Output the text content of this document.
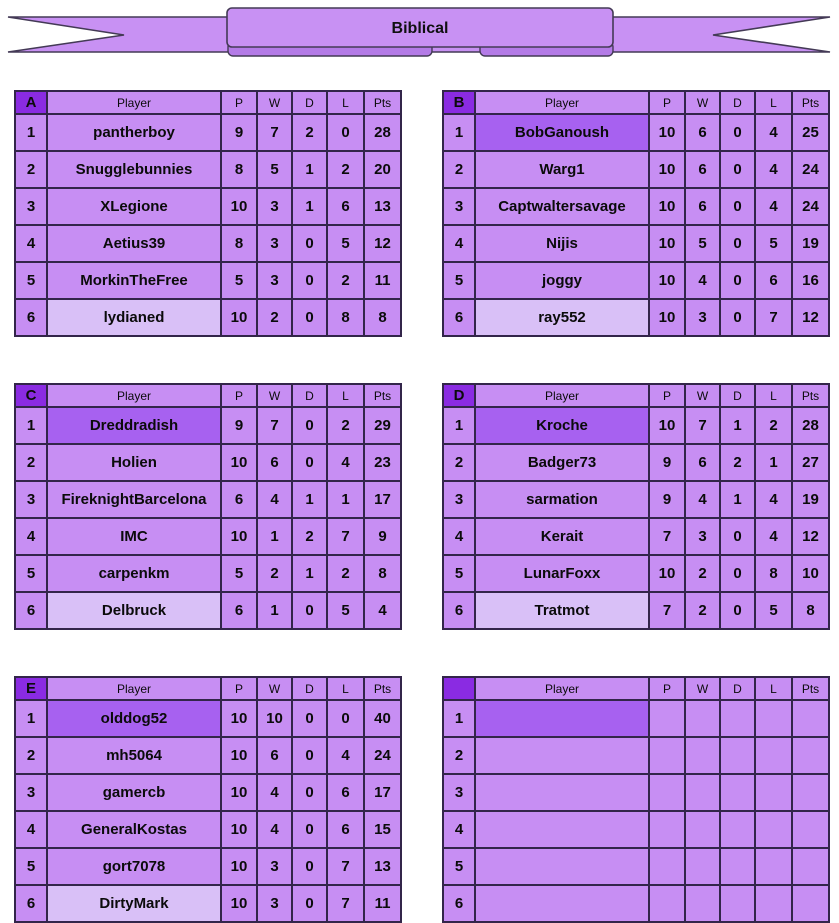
Biblical
A	Player	P	W	D	L	Pts
1	pantherboy	9	7	2	0	28
2	Snugglebunnies	8	5	1	2	20
3	XLegione	10	3	1	6	13
4	Aetius39	8	3	0	5	12
5	MorkinTheFree	5	3	0	2	11
6	lydianed	10	2	0	8	8
B	Player	P	W	D	L	Pts
1	BobGanoush	10	6	0	4	25
2	Warg1	10	6	0	4	24
3	Captwaltersavage	10	6	0	4	24
4	Nijis	10	5	0	5	19
5	joggy	10	4	0	6	16
6	ray552	10	3	0	7	12
C	Player	P	W	D	L	Pts
1	Dreddradish	9	7	0	2	29
2	Holien	10	6	0	4	23
3	FireknightBarcelona	6	4	1	1	17
4	IMC	10	1	2	7	9
5	carpenkm	5	2	1	2	8
6	Delbruck	6	1	0	5	4
D	Player	P	W	D	L	Pts
1	Kroche	10	7	1	2	28
2	Badger73	9	6	2	1	27
3	sarmation	9	4	1	4	19
4	Kerait	7	3	0	4	12
5	LunarFoxx	10	2	0	8	10
6	Tratmot	7	2	0	5	8
E	Player	P	W	D	L	Pts
1	olddog52	10	10	0	0	40
2	mh5064	10	6	0	4	24
3	gamercb	10	4	0	6	17
4	GeneralKostas	10	4	0	6	15
5	gort7078	10	3	0	7	13
6	DirtyMark	10	3	0	7	11
	Player	P	W	D	L	Pts
1						
2						
3						
4						
5						
6						
